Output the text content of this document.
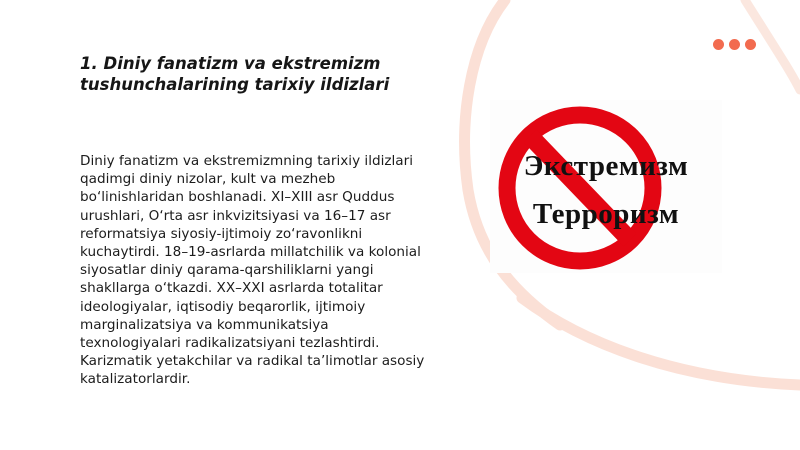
1. Diniy fanatizm va ekstremizm tushunchalarining tarixiy ildizlari

Diniy fanatizm va ekstremizmning tarixiy ildizlari qadimgi diniy nizolar, kult va mezheb bo‘linishlaridan boshlanadi. XI–XIII asr Quddus urushlari, O‘rta asr inkvizitsiyasi va 16–17 asr reformatsiya siyosiy-ijtimoiy zo‘ravonlikni kuchaytirdi. 18–19-asrlarda millatchilik va kolonial siyosatlar diniy qarama-qarshiliklarni yangi shakllarga o‘tkazdi. XX–XXI asrlarda totalitar ideologiyalar, iqtisodiy beqarorlik, ijtimoiy marginalizatsiya va kommunikatsiya texnologiyalari radikalizatsiyani tezlashtirdi. Karizmatik yetakchilar va radikal ta’limotlar asosiy katalizatorlardir.

Экстремизм
Терроризм
